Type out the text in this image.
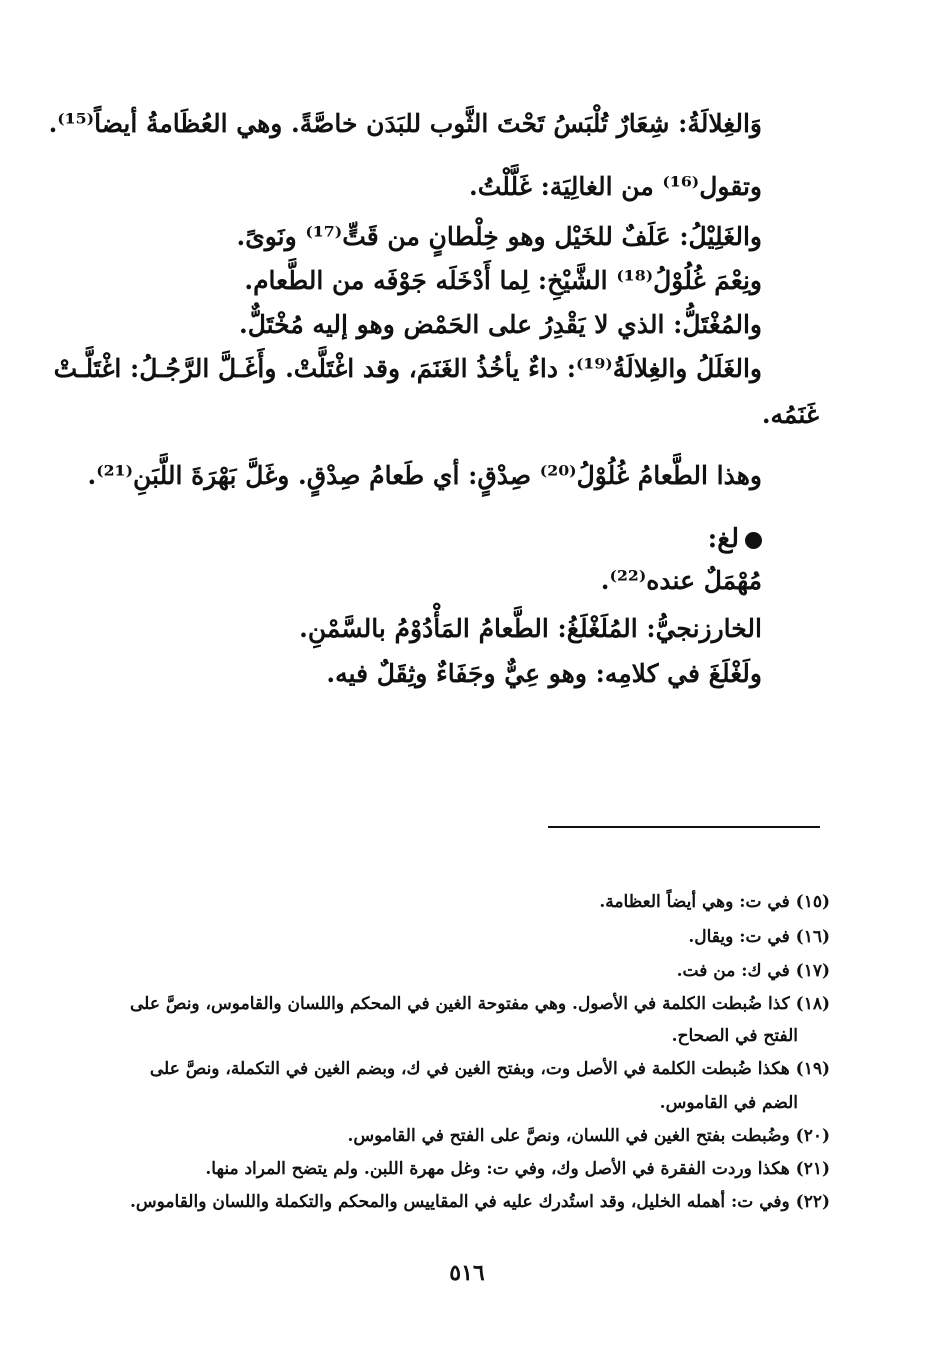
وَالغِلالَةُ: شِعَارٌ تُلْبَسُ تَحْتَ الثَّوب للبَدَن خاصَّةً. وهي العُظَامةُ أيضاً⁽¹⁵⁾.
وتقول⁽¹⁶⁾ من الغالِيَة: غَلَّلْتُ.
والغَلِيْلُ: عَلَفٌ للخَيْل وهو خِلْطانٍ من قَتٍّ⁽¹⁷⁾ ونَوىً.
ونِعْمَ غُلُوْلُ⁽¹⁸⁾ الشَّيْخِ: لِما أَدْخَلَه جَوْفَه من الطَّعام.
والمُغْتَلُّ: الذي لا يَقْدِرُ على الحَمْض وهو إليه مُخْتَلٌّ.
والغَلَلُ والغِلالَةُ⁽¹⁹⁾: داءٌ يأخُذُ الغَنَمَ، وقد اغْتَلَّتْ. وأَغَـلَّ الرَّجُـلُ: اغْتَلَّـتْ
غَنَمُه.
وهذا الطَّعامُ غُلُوْلُ⁽²⁰⁾ صِدْقٍ: أي طَعامُ صِدْقٍ. وغَلَّ بَهْرَةَ اللَّبَنِ⁽²¹⁾.
لغ:
مُهْمَلٌ عنده⁽²²⁾.
الخارزنجيُّ: المُلَغْلَغُ: الطَّعامُ المَأْدُوْمُ بالسَّمْنِ.
ولَغْلَغَ في كلامِه: وهو عِيٌّ وجَفَاءٌ وثِقَلٌ فيه.
(١٥) في ت: وهي أيضاً العظامة.
(١٦) في ت: ويقال.
(١٧) في ك: من فت.
(١٨) كذا ضُبطت الكلمة في الأصول. وهي مفتوحة الغين في المحكم واللسان والقاموس، ونصَّ على
الفتح في الصحاح.
(١٩) هكذا ضُبطت الكلمة في الأصل وت، وبفتح الغين في ك، وبضم الغين في التكملة، ونصَّ على
الضم في القاموس.
(٢٠) وضُبطت بفتح الغين في اللسان، ونصَّ على الفتح في القاموس.
(٢١) هكذا وردت الفقرة في الأصل وك، وفي ت: وغل مهرة اللبن. ولم يتضح المراد منها.
(٢٢) وفي ت: أهمله الخليل، وقد استُدرك عليه في المقاييس والمحكم والتكملة واللسان والقاموس.
٥١٦
